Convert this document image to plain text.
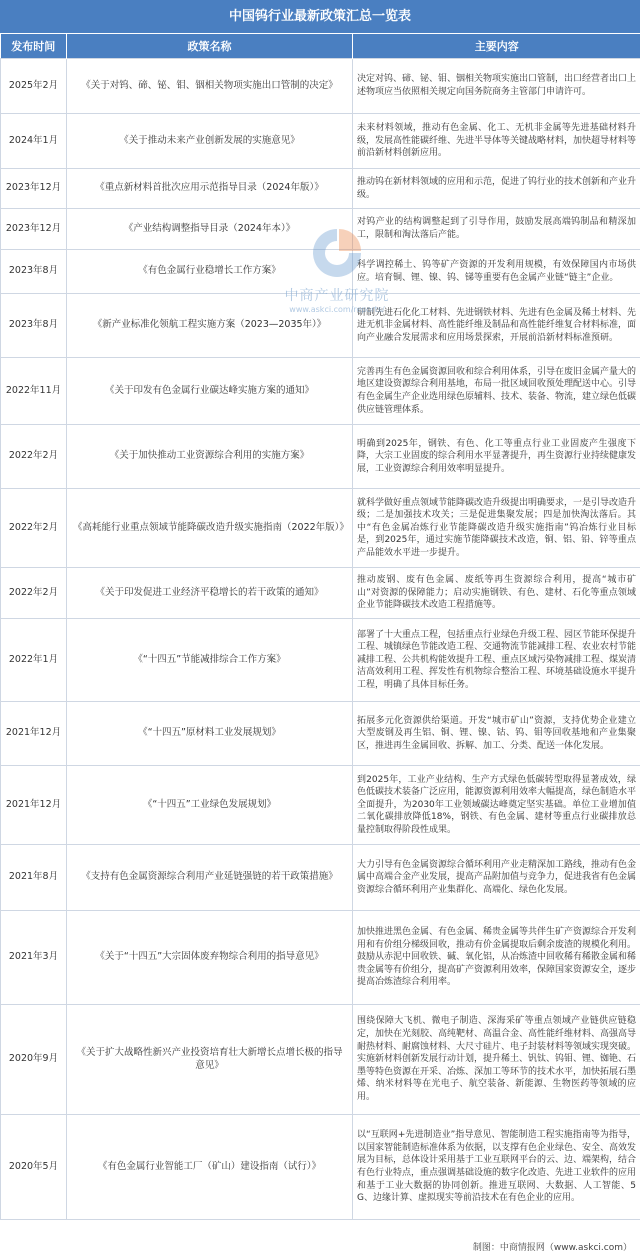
中国钨行业最新政策汇总一览表
发布时间	政策名称	主要内容
2025年2月	《关于对钨、碲、铋、钼、铟相关物项实施出口管制的决定》	决定对钨、碲、铋、钼、铟相关物项实施出口管制，出口经营者出口上述物项应当依照相关规定向国务院商务主管部门申请许可。
2024年1月	《关于推动未来产业创新发展的实施意见》	未来材料领域，推动有色金属、化工、无机非金属等先进基础材料升级，发展高性能碳纤维、先进半导体等关键战略材料，加快超导材料等前沿新材料创新应用。
2023年12月	《重点新材料首批次应用示范指导目录（2024年版）》	推动钨在新材料领域的应用和示范，促进了钨行业的技术创新和产业升级。
2023年12月	《产业结构调整指导目录（2024年本）》	对钨产业的结构调整起到了引导作用，鼓励发展高端钨制品和精深加工，限制和淘汰落后产能。
2023年8月	《有色金属行业稳增长工作方案》	科学调控稀土、钨等矿产资源的开发利用规模，有效保障国内市场供应。培育铜、锂、镍、钨、锑等重要有色金属产业链“链主”企业。
2023年8月	《新产业标准化领航工程实施方案（2023—2035年）》	研制先进石化化工材料、先进钢铁材料、先进有色金属及稀土材料、先进无机非金属材料、高性能纤维及制品和高性能纤维复合材料标准，面向产业融合发展需求和应用场景探索，开展前沿新材料标准预研。
2022年11月	《关于印发有色金属行业碳达峰实施方案的通知》	完善再生有色金属资源回收和综合利用体系，引导在废旧金属产量大的地区建设资源综合利用基地，布局一批区域回收预处理配送中心。引导有色金属生产企业选用绿色原辅料、技术、装备、物流，建立绿色低碳供应链管理体系。
2022年2月	《关于加快推动工业资源综合利用的实施方案》	明确到2025年，钢铁、有色、化工等重点行业工业固废产生强度下降，大宗工业固废的综合利用水平显著提升，再生资源行业持续健康发展，工业资源综合利用效率明显提升。
2022年2月	《高耗能行业重点领域节能降碳改造升级实施指南（2022年版）》	就科学做好重点领域节能降碳改造升级提出明确要求，一是引导改造升级；二是加强技术攻关；三是促进集聚发展；四是加快淘汰落后。其中“有色金属冶炼行业节能降碳改造升级实施指南”钨冶炼行业目标是，到2025年，通过实施节能降碳技术改造，铜、铝、铅、锌等重点产品能效水平进一步提升。
2022年2月	《关于印发促进工业经济平稳增长的若干政策的通知》	推动废钢、废有色金属、废纸等再生资源综合利用，提高“城市矿山”对资源的保障能力；启动实施钢铁、有色、建材、石化等重点领域企业节能降碳技术改造工程措施等。
2022年1月	《“十四五”节能减排综合工作方案》	部署了十大重点工程，包括重点行业绿色升级工程、园区节能环保提升工程、城镇绿色节能改造工程、交通物流节能减排工程、农业农村节能减排工程、公共机构能效提升工程、重点区域污染物减排工程、煤炭清洁高效利用工程、挥发性有机物综合整治工程、环境基础设施水平提升工程，明确了具体目标任务。
2021年12月	《“十四五”原材料工业发展规划》	拓展多元化资源供给渠道。开发“城市矿山”资源，支持优势企业建立大型废钢及再生铝、铜、锂、镍、钴、钨、钼等回收基地和产业集聚区，推进再生金属回收、拆解、加工、分类、配送一体化发展。
2021年12月	《“十四五”工业绿色发展规划》	到2025年，工业产业结构、生产方式绿色低碳转型取得显著成效，绿色低碳技术装备广泛应用，能源资源利用效率大幅提高，绿色制造水平全面提升，为2030年工业领域碳达峰奠定坚实基础。单位工业增加值二氧化碳排放降低18%，钢铁、有色金属、建材等重点行业碳排放总量控制取得阶段性成果。
2021年8月	《支持有色金属资源综合利用产业延链强链的若干政策措施》	大力引导有色金属资源综合循环利用产业走精深加工路线，推动有色金属中高端合金产业发展，提高产品附加值与竞争力，促进我省有色金属资源综合循环利用产业集群化、高端化、绿色化发展。
2021年3月	《关于“十四五”大宗固体废弃物综合利用的指导意见》	加快推进黑色金属、有色金属、稀贵金属等共伴生矿产资源综合开发利用和有价组分梯级回收，推动有价金属提取后剩余废渣的规模化利用。鼓励从赤泥中回收铁、碱、氧化铝，从冶炼渣中回收稀有稀散金属和稀贵金属等有价组分，提高矿产资源利用效率，保障国家资源安全，逐步提高冶炼渣综合利用率。
2020年9月	《关于扩大战略性新兴产业投资培育壮大新增长点增长极的指导意见》	围绕保障大飞机、微电子制造、深海采矿等重点领域产业链供应链稳定，加快在光刻胶、高纯靶材、高温合金、高性能纤维材料、高强高导耐热材料、耐腐蚀材料、大尺寸硅片、电子封装材料等领域实现突破。实施新材料创新发展行动计划，提升稀土、钒钛、钨钼、锂、铷铯、石墨等特色资源在开采、冶炼、深加工等环节的技术水平，加快拓展石墨烯、纳米材料等在光电子、航空装备、新能源、生物医药等领域的应用。
2020年5月	《有色金属行业智能工厂（矿山）建设指南（试行）》	以“互联网+先进制造业”指导意见、智能制造工程实施指南等为指导，以国家智能制造标准体系为依据，以支撑有色企业绿色、安全、高效发展为目标，总体设计采用基于工业互联网平台的云、边、端架构，结合有色行业特点，重点强调基础设施的数字化改造、先进工业软件的应用和基于工业大数据的协同创新。推进互联网、大数据、人工智能、5G、边缘计算、虚拟现实等前沿技术在有色企业的应用。
中商产业研究院
www.askci.com/reports/
制图：中商情报网（www.askci.com）
